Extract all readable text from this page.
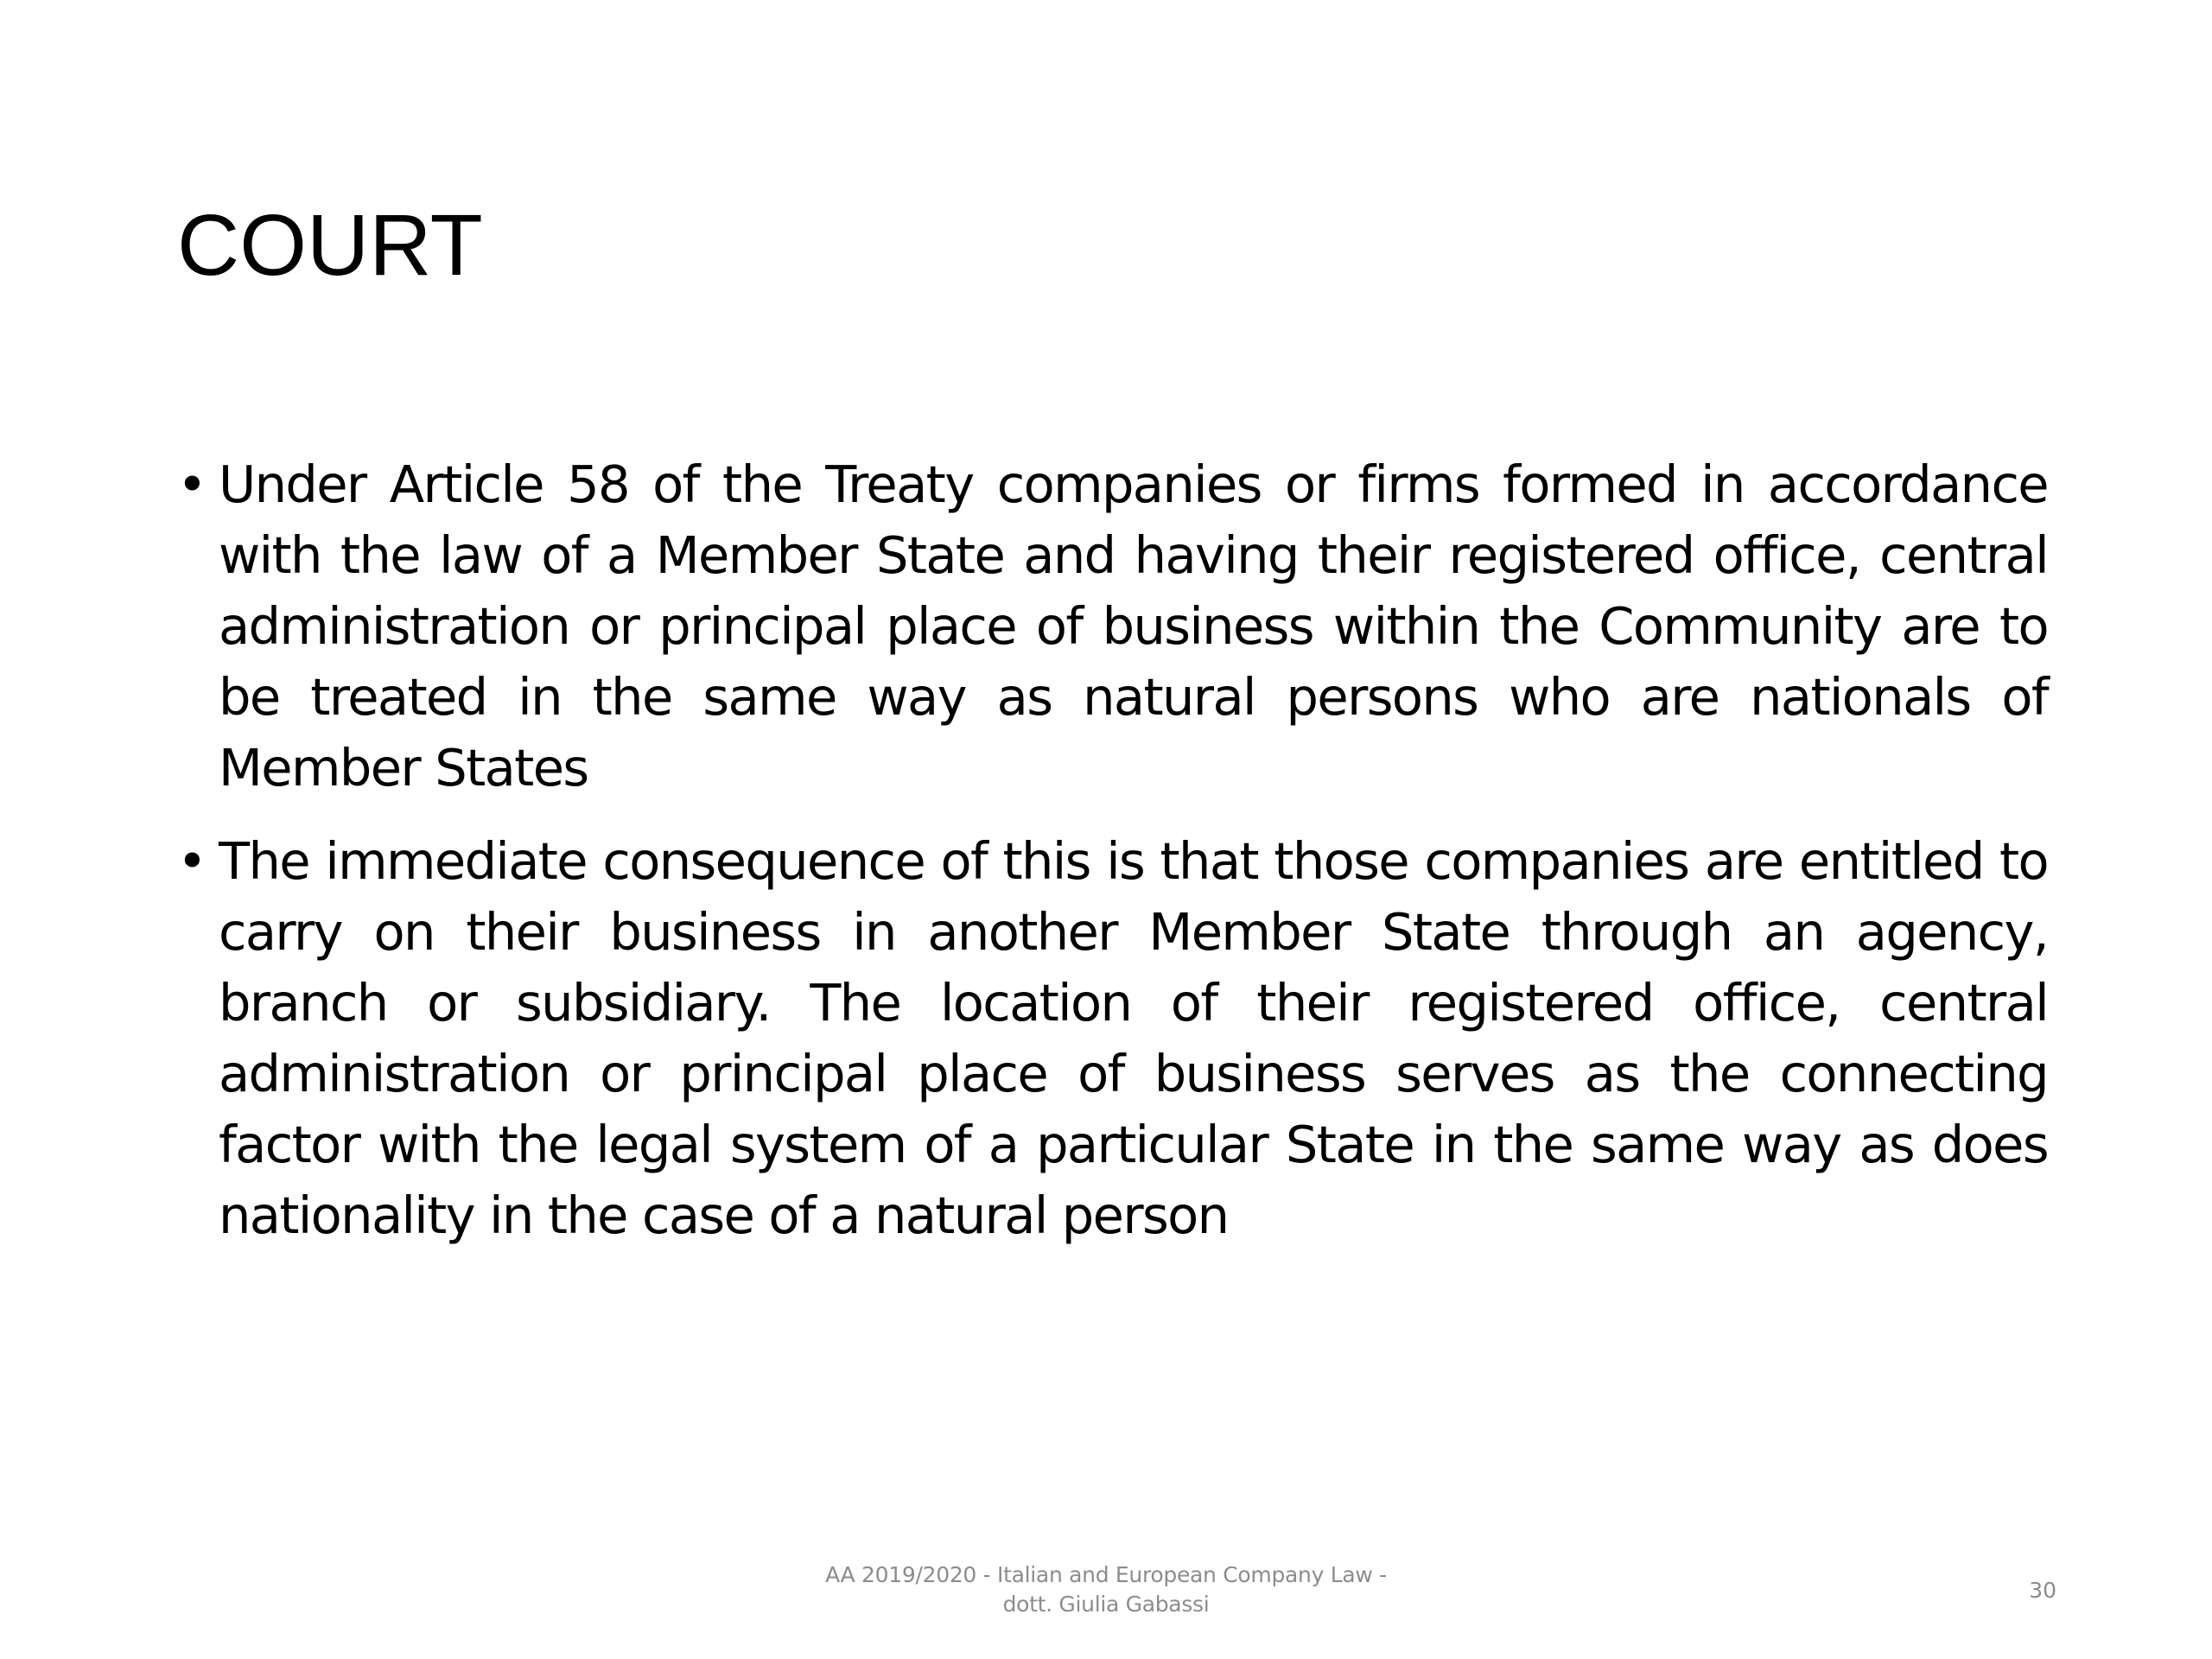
COURT
• Under Article 58 of the Treaty companies or firms formed in accordance with the law of a Member State and having their registered office, central administration or principal place of business within the Community are to be treated in the same way as natural persons who are nationals of Member States
• The immediate consequence of this is that those companies are entitled to carry on their business in another Member State through an agency, branch or subsidiary. The location of their registered office, central administration or principal place of business serves as the connecting factor with the legal system of a particular State in the same way as does nationality in the case of a natural person
AA 2019/2020 - Italian and European Company Law -
dott. Giulia Gabassi
30
